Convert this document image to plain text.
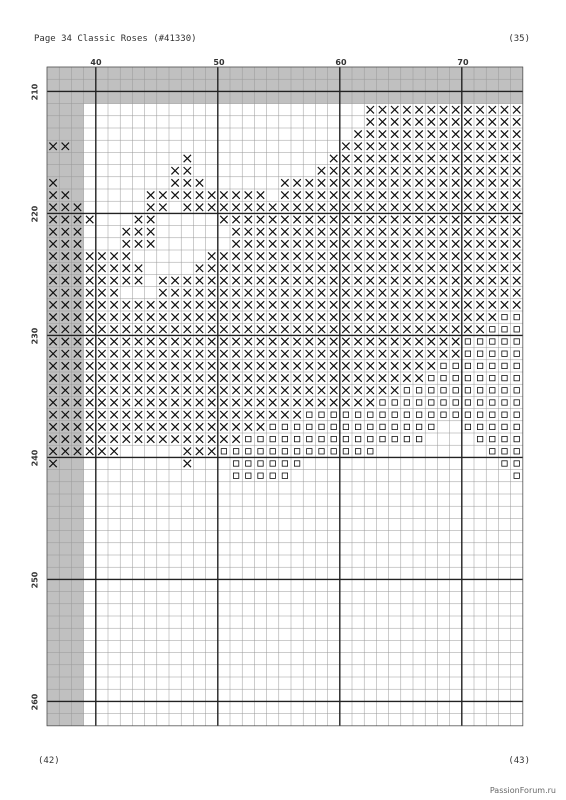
Page 34 Classic Roses (#41330)	(35)
40	50	60	70
210
220
230
240
250
260
(42)	(43)
PassionForum.ru
